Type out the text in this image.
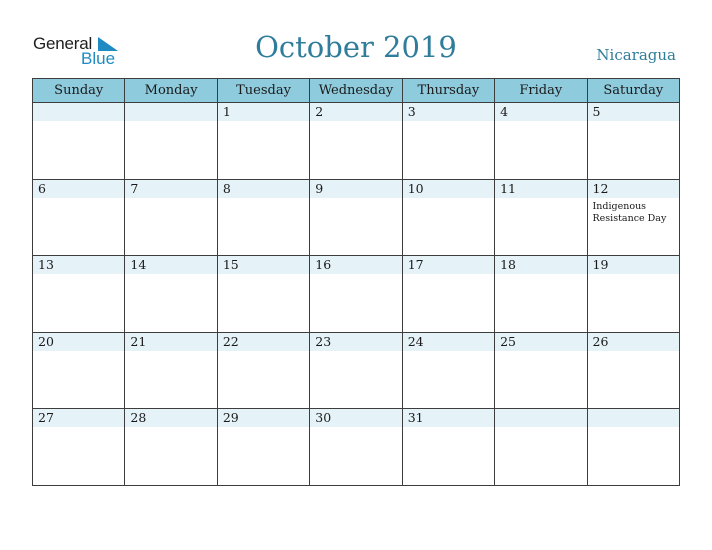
General
Blue	October 2019	Nicaragua
Sunday	Monday	Tuesday	Wednesday	Thursday	Friday	Saturday

		1	2	3	4	5

6	7	8	9	10	11	12
Indigenous Resistance Day

13	14	15	16	17	18	19

20	21	22	23	24	25	26

27	28	29	30	31		
